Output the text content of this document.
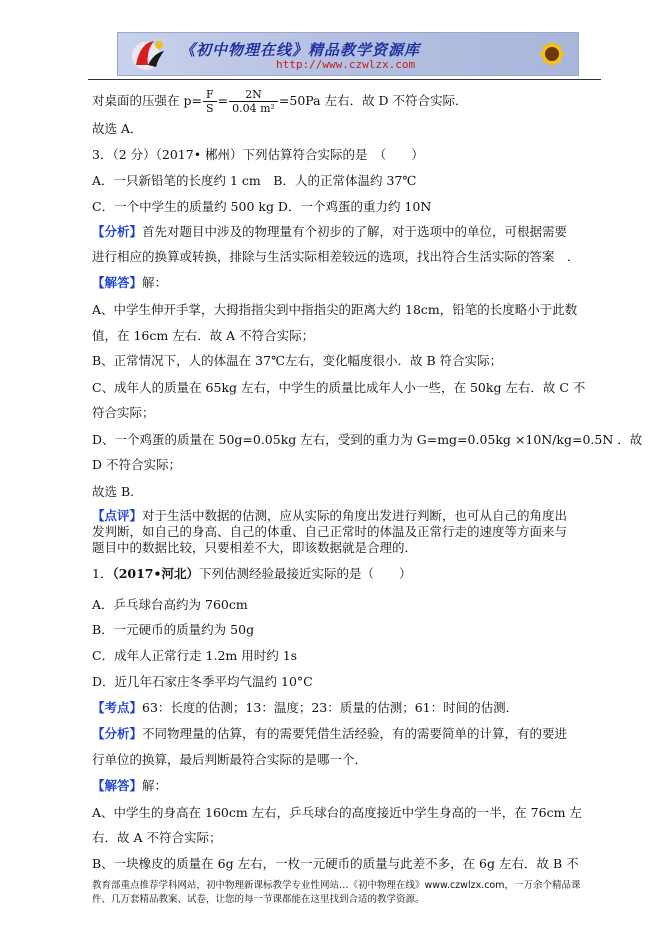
《初中物理在线》精品教学资源库
http://www.czwlzx.com
对桌面的压强在 $p= \frac{F}{S} = \frac{2N}{\text{0.04 m²}} =50Pa$ 左右．故 D 不符合实际．
故选 A．
3．（2 分）（2017• 郴州）下列估算符合实际的是　（　　）
A．一只新铅笔的长度约 1 cm　B．人的正常体温约 37℃
C．一个中学生的质量约 500 kg D．一个鸡蛋的重力约 10N
【分析】首先对题目中涉及的物理量有个初步的了解，对于选项中的单位，可根据需要
进行相应的换算或转换，排除与生活实际相差较远的选项，找出符合生活实际的答案　．
【解答】解：
A、中学生伸开手掌，大拇指指尖到中指指尖的距离大约 18cm，铅笔的长度略小于此数
值，在 16cm 左右．故 A 不符合实际；
B、正常情况下，人的体温在 37℃左右，变化幅度很小．故 B 符合实际；
C、成年人的质量在 65kg 左右，中学生的质量比成年人小一些，在 50kg 左右．故 C 不
符合实际；
D、一个鸡蛋的质量在 50g=0.05kg 左右，受到的重力为 G=mg=0.05kg ×10N/kg=0.5N ．故
D 不符合实际；
故选 B．
【点评】对于生活中数据的估测，应从实际的角度出发进行判断，也可从自己的角度出
发判断，如自己的身高、自己的体重、自己正常时的体温及正常行走的速度等方面来与
题目中的数据比较，只要相差不大，即该数据就是合理的．
1．（2017•河北）下列估测经验最接近实际的是（　　）
A．乒乓球台高约为 760cm
B．一元硬币的质量约为 50g
C．成年人正常行走 1.2m 用时约 1s
D．近几年石家庄冬季平均气温约 10°C
【考点】63：长度的估测；13：温度；23：质量的估测；61：时间的估测．
【分析】不同物理量的估算，有的需要凭借生活经验，有的需要简单的计算，有的要进
行单位的换算，最后判断最符合实际的是哪一个．
【解答】解：
A、中学生的身高在 160cm 左右，乒乓球台的高度接近中学生身高的一半，在 76cm 左
右．故 A 不符合实际；
B、一块橡皮的质量在 6g 左右，一枚一元硬币的质量与此差不多，在 6g 左右．故 B 不
教育部重点推荐学科网站，初中物理新课标教学专业性网站…《初中物理在线》www.czwlzx.com，一万余个精品课
件、几万套精品教案、试卷，让您的每一节课都能在这里找到合适的教学资源。
